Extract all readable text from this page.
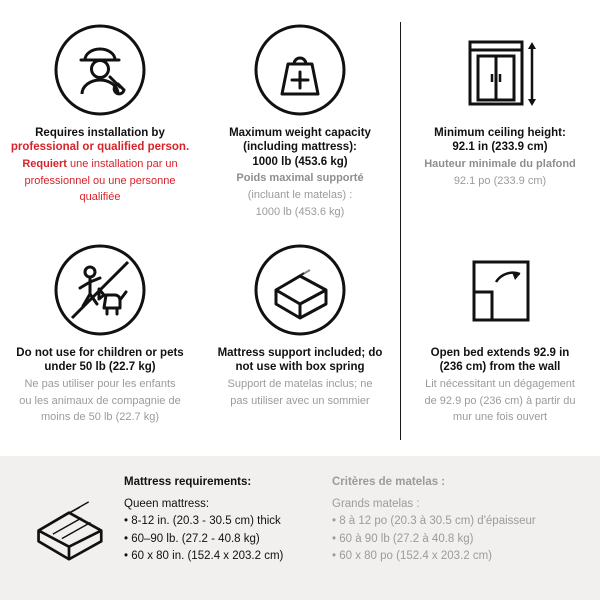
Requires installation by
professional or qualified person.
Requiert une installation par un
professionnel ou une personne
qualifiée
Maximum weight capacity
(including mattress):
1000 lb (453.6 kg)
Poids maximal supporté
(incluant le matelas) :
1000 lb (453.6 kg)
Minimum ceiling height:
92.1 in (233.9 cm)
Hauteur minimale du plafond
92.1 po (233.9 cm)
Do not use for children or pets
under 50 lb (22.7 kg)
Ne pas utiliser pour les enfants
ou les animaux de compagnie de
moins de 50 lb (22.7 kg)
Mattress support included; do
not use with box spring
Support de matelas inclus; ne
pas utiliser avec un sommier
Open bed extends 92.9 in
(236 cm) from the wall
Lit nécessitant un dégagement
de 92.9 po (236 cm) à partir du
mur une fois ouvert
Mattress requirements:
Queen mattress:
• 8-12 in. (20.3 - 30.5 cm) thick
• 60–90 lb. (27.2 - 40.8 kg)
• 60 x 80 in. (152.4 x 203.2 cm)
Critères de matelas :
Grands matelas :
• 8 à 12 po (20.3 à 30.5 cm) d'épaisseur
• 60 à 90 lb (27.2 à 40.8 kg)
• 60 x 80 po (152.4 x 203.2 cm)
